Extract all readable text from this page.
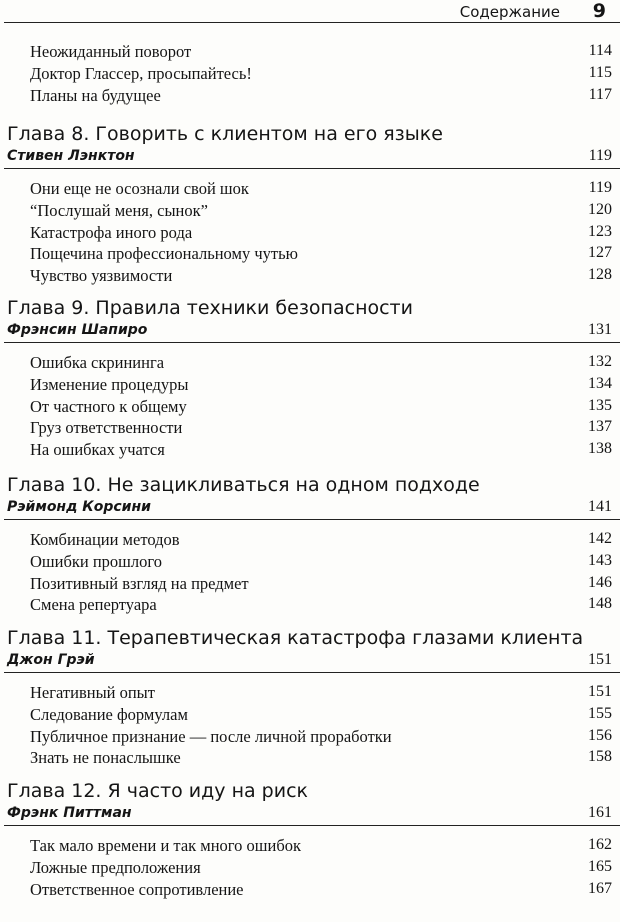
Содержание 9
Неожиданный поворот	114
Доктор Глассер, просыпайтесь!	115
Планы на будущее	117
Глава 8. Говорить с клиентом на его языке
Стивен Лэнктон	119
Они еще не осознали свой шок	119
“Послушай меня, сынок”	120
Катастрофа иного рода	123
Пощечина профессиональному чутью	127
Чувство уязвимости	128
Глава 9. Правила техники безопасности
Фрэнсин Шапиро	131
Ошибка скрининга	132
Изменение процедуры	134
От частного к общему	135
Груз ответственности	137
На ошибках учатся	138
Глава 10. Не зацикливаться на одном подходе
Рэймонд Корсини	141
Комбинации методов	142
Ошибки прошлого	143
Позитивный взгляд на предмет	146
Смена репертуара	148
Глава 11. Терапевтическая катастрофа глазами клиента
Джон Грэй	151
Негативный опыт	151
Следование формулам	155
Публичное признание — после личной проработки	156
Знать не понаслышке	158
Глава 12. Я часто иду на риск
Фрэнк Питтман	161
Так мало времени и так много ошибок	162
Ложные предположения	165
Ответственное сопротивление	167
